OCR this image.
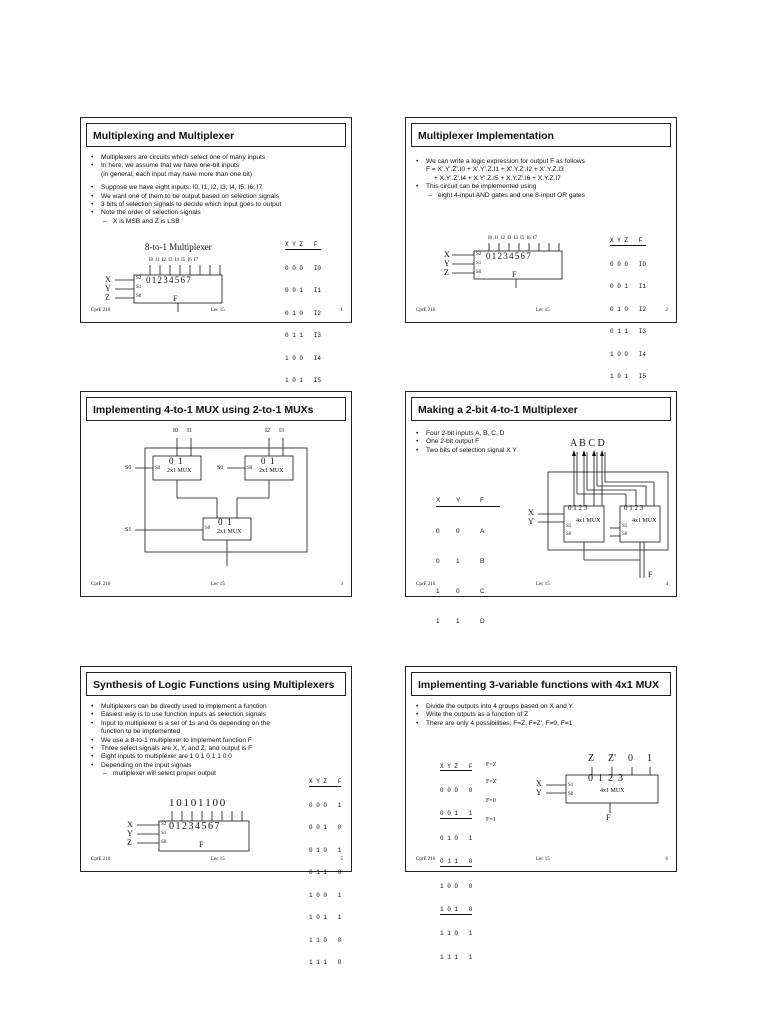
Multiplexing and Multiplexer
• Multiplexers are circuits which select one of many inputs
• In here, we assume that we have one-bit inputs
(in general, each input may have more than one bit)
• Suppose we have eight inputs: I0, I1, I2, I3, I4, I5, I6, I7
• We want one of them to be output based on selection signals
• 3 bits of selection signals to decide which input goes to output
• Note the order of selection signals
– X is MSB and Z is LSB
8-to-1 Multiplexer
I0 I1 I2 I3 I4 I5 I6 I7
0 1 2 3 4 5 6 7
X
Y
Z
S2
S1
S0	F

X Y Z   F

0 0 0   I0

0 0 1   I1

0 1 0   I2

0 1 1   I3

1 0 0   I4

1 0 1   I5

CprE 210	Lec 15	1
Multiplexer Implementation
• We can write a logic expression for output F as follows
F = X'.Y'.Z'.I0 + X'.Y'.Z.I1 + X'.Y.Z'.I2 + X'.Y.Z.I3
+ X.Y'.Z'.I4 + X.Y'.Z.I5 + X.Y.Z'.I6 + X.Y.Z.I7
• This circuit can be implemented using
– eight 4-input AND gates and one 8-input OR gates
I0 I1 I2 I3 I4 I5 I6 I7
0 1 2 3 4 5 6 7
X
Y
Z
S2
S1
S0	F

X Y Z   F

0 0 0   I0

0 0 1   I1

0 1 0   I2

0 1 1   I3

1 0 0   I4

1 0 1   I5

CprE 210	Lec 15	2
Implementing 4-to-1 MUX using 2-to-1 MUXs
I0 I1	I2 I3
0  1
2x1 MUX
S0
0  1
2x1 MUX
S0
0  1
2x1 MUX
S0
S0	S0
S1
CprE 210	Lec 15	3
Making a 2-bit 4-to-1 Multiplexer
• Four 2-bit inputs A, B, C, D
• One 2-bit output F
• Two bits of selection signal X Y

X	Y	F

0	0	A

0	1	B

1	0	C

1	1	D

A B C D
0 1 2 3
4x1 MUX
0 1 2 3
4x1 MUX
X
Y
S1
S0
S1
S0
F
CprE 210	Lec 15	4
Synthesis of Logic Functions using Multiplexers
• Multiplexers can be directly used to implement a function
• Easiest way is to use function inputs as selection signals
• Input to multiplexer is a set of 1s and 0s depending on the
function to be implemented
• We use a 8-to-1 multiplexer to implement function F
• Three select signals are X, Y, and Z, and output is F
• Eight inputs to multiplexer are 1 0 1 0 1 1 0 0
• Depending on the input signals
– multiplexer will select proper output
1 0 1 0 1 1 0 0
0 1 2 3 4 5 6 7
X
Y
Z
S2
S1
S0	F

X Y Z   F

0 0 0   1

0 0 1   0

0 1 0   1

0 1 1   0

1 0 0   1

1 0 1   1

1 1 0   0

1 1 1   0

CprE 210	Lec 15	5
Implementing 3-variable functions with 4x1 MUX
• Divide the outputs into 4 groups based on X and Y.
• Write the outputs as a function of Z
• There are only 4 possibilities: F=Z, F=Z', F=0, F=1

X Y Z   F

0 0 0   0

0 0 1   1

0 1 0   1

0 1 1   0

1 0 0   0

1 0 1   0

1 1 0   1

1 1 1   1

F=Z
F=Z'
F=0
F=1
Z Z' 0 1
0  1  2  3
4x1 MUX
X
Y
S1
S0
F
CprE 210	Lec 15	6
